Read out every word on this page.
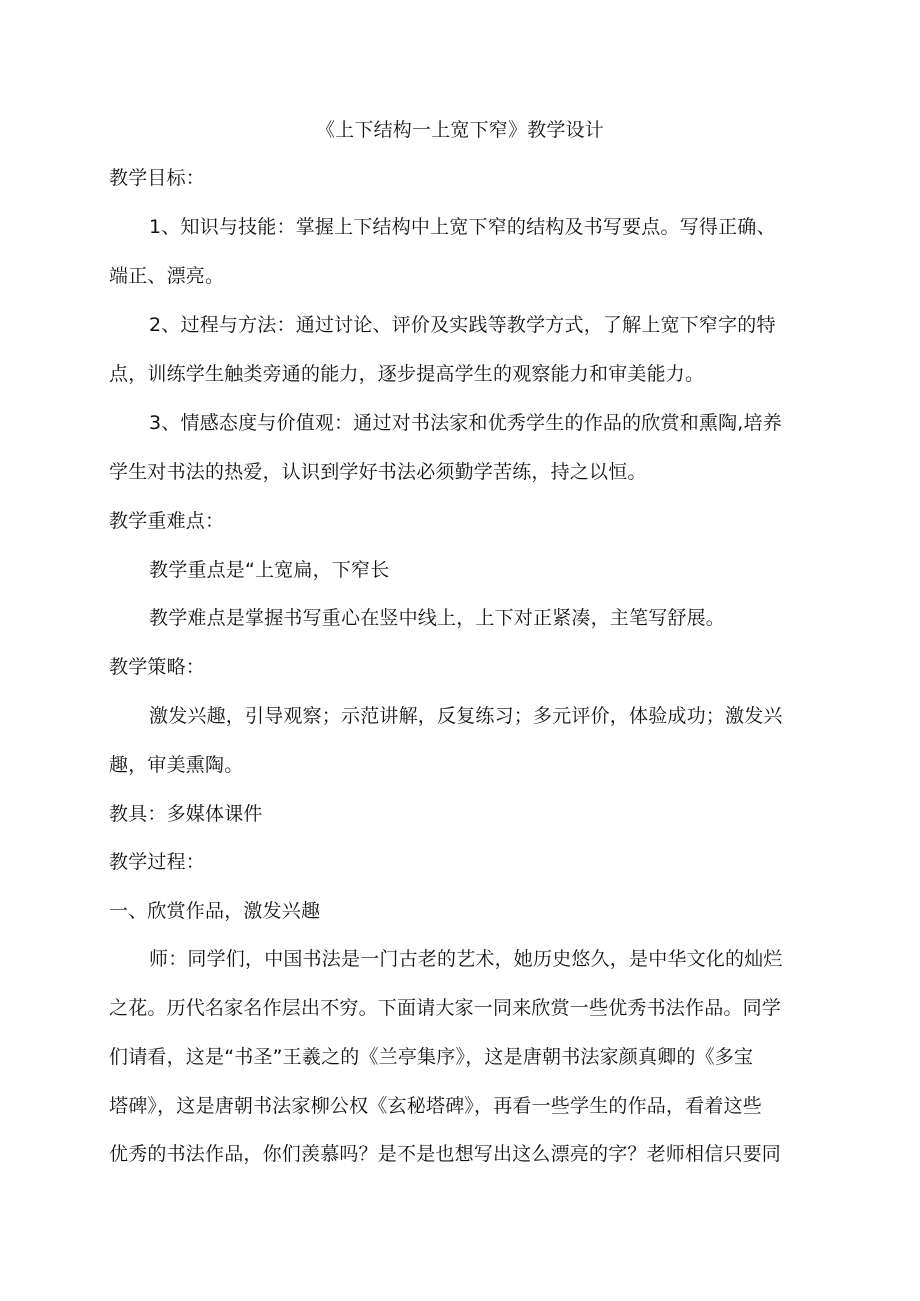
《上下结构一上宽下窄》教学设计
教学目标：
1、知识与技能：掌握上下结构中上宽下窄的结构及书写要点。写得正确、
端正、漂亮。
2、过程与方法：通过讨论、评价及实践等教学方式，了解上宽下窄字的特
点，训练学生触类旁通的能力，逐步提高学生的观察能力和审美能力。
3、情感态度与价值观：通过对书法家和优秀学生的作品的欣赏和熏陶,培养
学生对书法的热爱，认识到学好书法必须勤学苦练，持之以恒。
教学重难点：
教学重点是“上宽扁，下窄长
教学难点是掌握书写重心在竖中线上，上下对正紧凑，主笔写舒展。
教学策略：
激发兴趣，引导观察；示范讲解，反复练习；多元评价，体验成功；激发兴
趣，审美熏陶。
教具：多媒体课件
教学过程：
一、欣赏作品，激发兴趣
师：同学们，中国书法是一门古老的艺术，她历史悠久，是中华文化的灿烂
之花。历代名家名作层出不穷。下面请大家一同来欣赏一些优秀书法作品。同学
们请看，这是“书圣”王羲之的《兰亭集序》，这是唐朝书法家颜真卿的《多宝
塔碑》，这是唐朝书法家柳公权《玄秘塔碑》，再看一些学生的作品，看着这些
优秀的书法作品，你们羡慕吗？是不是也想写出这么漂亮的字？老师相信只要同
